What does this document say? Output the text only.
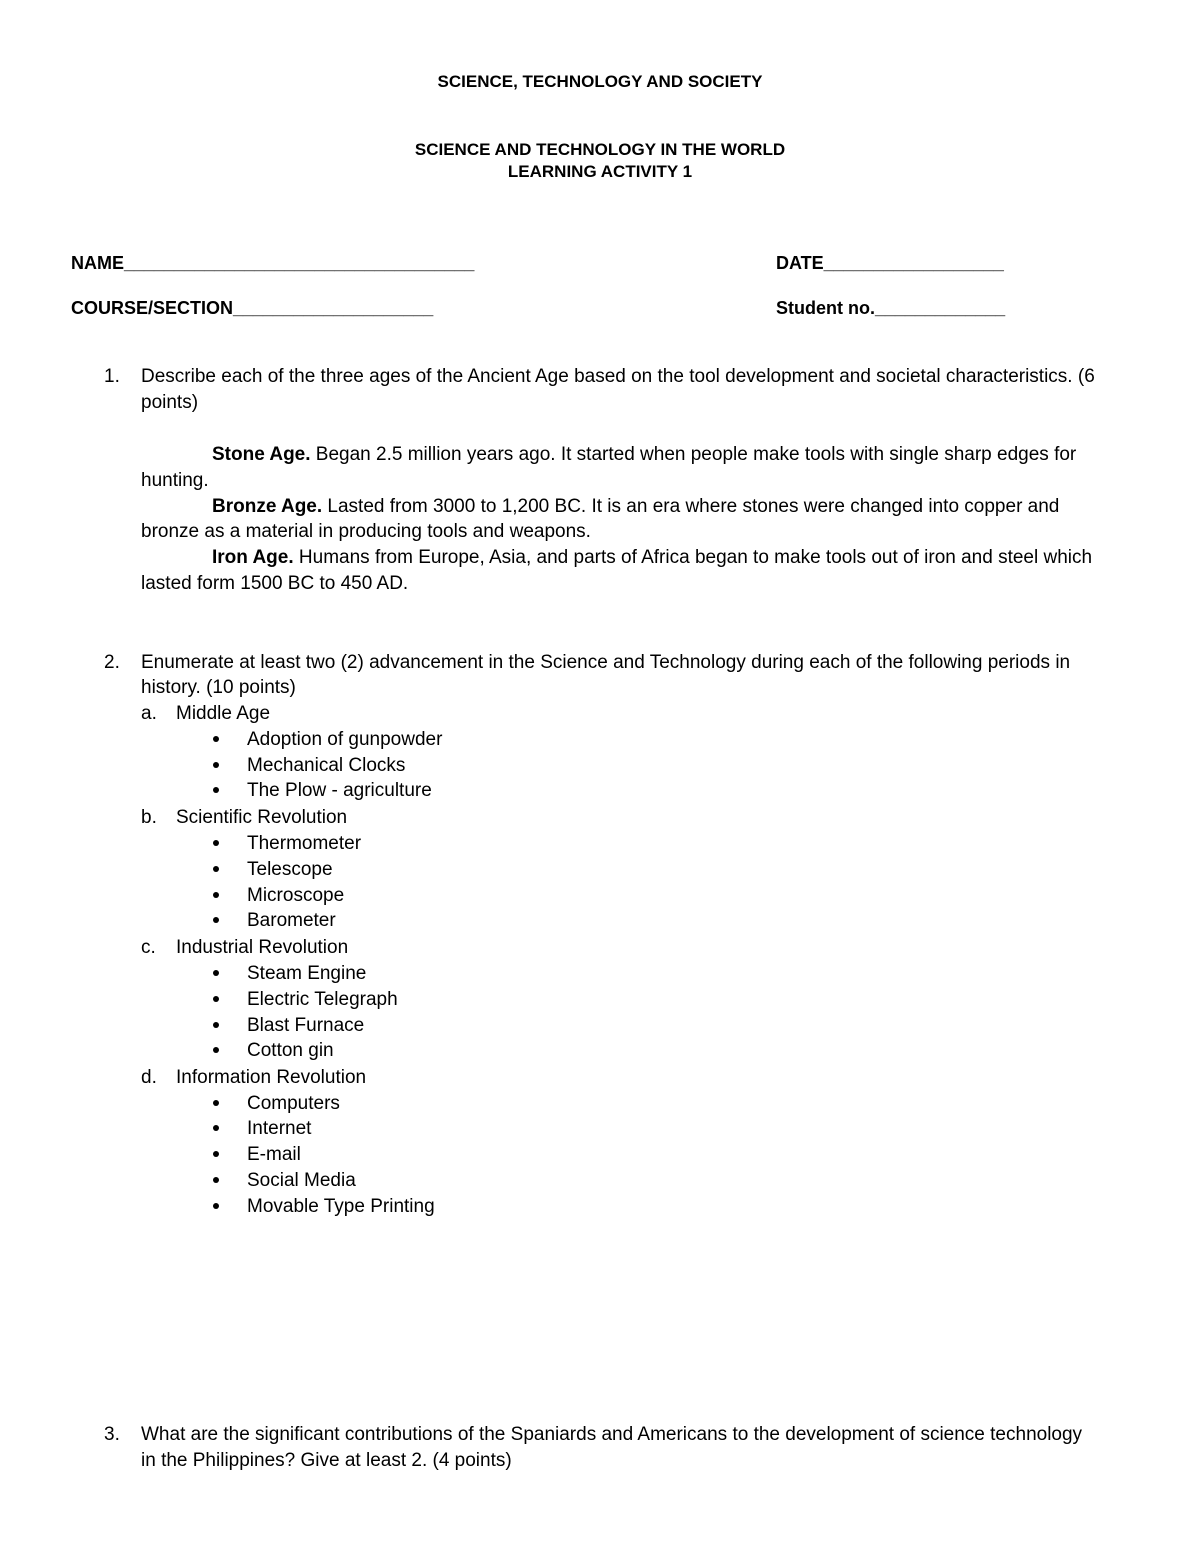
SCIENCE, TECHNOLOGY AND SOCIETY
SCIENCE AND TECHNOLOGY IN THE WORLD
LEARNING ACTIVITY 1
NAME___________________________________	DATE__________________
COURSE/SECTION____________________	Student no._____________
1. Describe each of the three ages of the Ancient Age based on the tool development and societal characteristics. (6
points)
Stone Age. Began 2.5 million years ago. It started when people make tools with single sharp edges for
hunting.
Bronze Age. Lasted from 3000 to 1,200 BC. It is an era where stones were changed into copper and
bronze as a material in producing tools and weapons.
Iron Age. Humans from Europe, Asia, and parts of Africa began to make tools out of iron and steel which
lasted form 1500 BC to 450 AD.
2. Enumerate at least two (2) advancement in the Science and Technology during each of the following periods in
history. (10 points)
a. Middle Age
Adoption of gunpowder
Mechanical Clocks
The Plow - agriculture
b. Scientific Revolution
Thermometer
Telescope
Microscope
Barometer
c. Industrial Revolution
Steam Engine
Electric Telegraph
Blast Furnace
Cotton gin
d. Information Revolution
Computers
Internet
E-mail
Social Media
Movable Type Printing
3. What are the significant contributions of the Spaniards and Americans to the development of science technology
in the Philippines? Give at least 2. (4 points)
